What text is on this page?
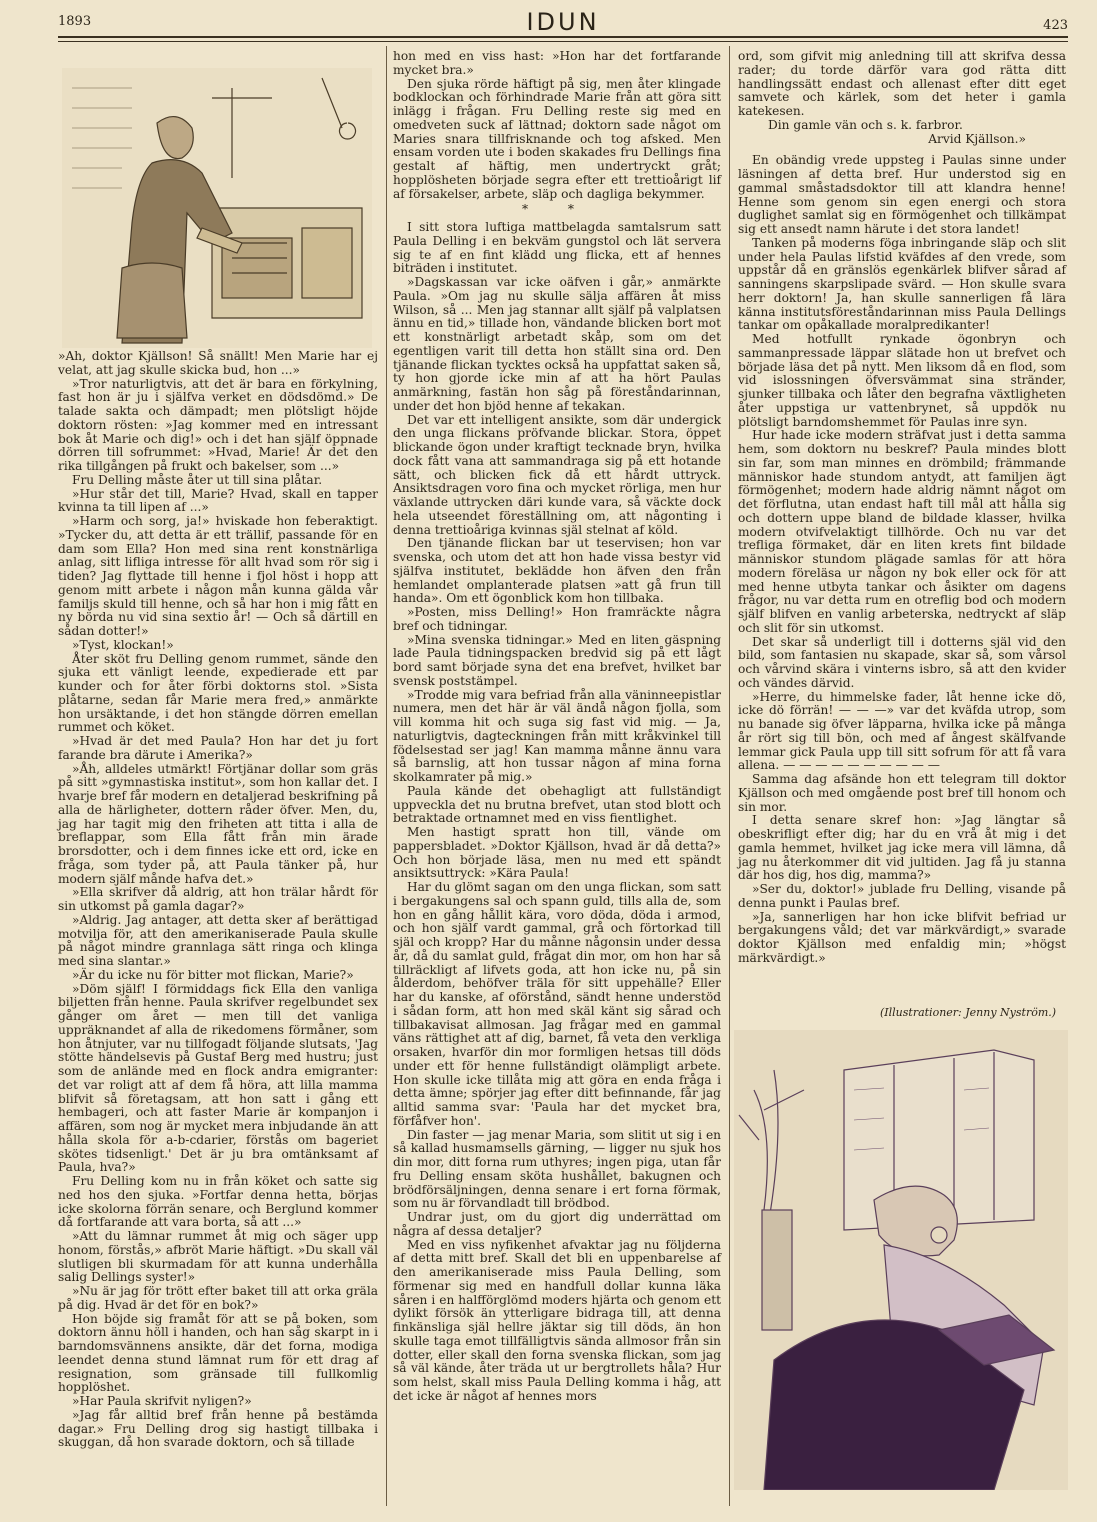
1893	IDUN	423

»Ah, doktor Kjällson! Så snällt! Men Marie har ej velat, att jag skulle skicka bud, hon ...»

»Tror naturligtvis, att det är bara en förkylning, fast hon är ju i själfva verket en dödsdömd.» De talade sakta och dämpadt; men plötsligt höjde doktorn rösten: »Jag kommer med en intressant bok åt Marie och dig!» och i det han själf öppnade dörren till sofrummet: »Hvad, Marie! Är det den rika tillgången på frukt och bakelser, som ...»

Fru Delling måste åter ut till sina plåtar.

»Hur står det till, Marie? Hvad, skall en tapper kvinna ta till lipen af ...»

»Harm och sorg, ja!» hviskade hon feberaktigt. »Tycker du, att detta är ett trällif, passande för en dam som Ella? Hon med sina rent konstnärliga anlag, sitt lifliga intresse för allt hvad som rör sig i tiden? Jag flyttade till henne i fjol höst i hopp att genom mitt arbete i någon mån kunna gälda vår familjs skuld till henne, och så har hon i mig fått en ny börda nu vid sina sextio år! — Och så därtill en sådan dotter!»

»Tyst, klockan!»

Åter sköt fru Delling genom rummet, sände den sjuka ett vänligt leende, expedierade ett par kunder och for åter förbi doktorns stol. »Sista plåtarne, sedan får Marie mera fred,» anmärkte hon ursäktande, i det hon stängde dörren emellan rummet och köket.

»Hvad är det med Paula? Hon har det ju fort farande bra därute i Amerika?»

»Åh, alldeles utmärkt! Förtjänar dollar som gräs på sitt »gymnastiska institut», som hon kallar det. I hvarje bref får modern en detaljerad beskrifning på alla de härligheter, dottern råder öfver. Men, du, jag har tagit mig den friheten att titta i alla de breflappar, som Ella fått från min ärade brorsdotter, och i dem finnes icke ett ord, icke en fråga, som tyder på, att Paula tänker på, hur modern själf månde hafva det.»

»Ella skrifver då aldrig, att hon trälar hårdt för sin utkomst på gamla dagar?»

»Aldrig. Jag antager, att detta sker af berättigad motvilja för, att den amerikaniserade Paula skulle på något mindre grannlaga sätt ringa och klinga med sina slantar.»

»Är du icke nu för bitter mot flickan, Marie?»

»Döm själf! I förmiddags fick Ella den vanliga biljetten från henne. Paula skrifver regelbundet sex gånger om året — men till det vanliga uppräknandet af alla de rikedomens förmåner, som hon åtnjuter, var nu tillfogadt följande slutsats, 'Jag stötte händelsevis på Gustaf Berg med hustru; just som de anlände med en flock andra emigranter: det var roligt att af dem få höra, att lilla mamma blifvit så företagsam, att hon satt i gång ett hembageri, och att faster Marie är kompanjon i affären, som nog är mycket mera inbjudande än att hålla skola för a-b-cdarier, förstås om bageriet skötes tidsenligt.' Det är ju bra omtänksamt af Paula, hva?»

Fru Delling kom nu in från köket och satte sig ned hos den sjuka. »Fortfar denna hetta, börjas icke skolorna förrän senare, och Berglund kommer då fortfarande att vara borta, så att ...»

»Att du lämnar rummet åt mig och säger upp honom, förstås,» afbröt Marie häftigt. »Du skall väl slutligen bli skurmadam för att kunna underhålla salig Dellings syster!»

»Nu är jag för trött efter baket till att orka gräla på dig. Hvad är det för en bok?»

Hon böjde sig framåt för att se på boken, som doktorn ännu höll i handen, och han såg skarpt in i barndomsvännens ansikte, där det forna, modiga leendet denna stund lämnat rum för ett drag af resignation, som gränsade till fullkomlig hopplöshet.

»Har Paula skrifvit nyligen?»

»Jag får alltid bref från henne på bestämda dagar.» Fru Delling drog sig hastigt tillbaka i skuggan, då hon svarade doktorn, och så tillade

hon med en viss hast: »Hon har det fortfarande mycket bra.»

Den sjuka rörde häftigt på sig, men åter klingade bodklockan och förhindrade Marie från att göra sitt inlägg i frågan. Fru Delling reste sig med en omedveten suck af lättnad; doktorn sade något om Maries snara tillfrisknande och tog afsked. Men ensam vorden ute i boden skakades fru Dellings fina gestalt af häftig, men undertryckt gråt; hopplösheten började segra efter ett trettioårigt lif af försakelser, arbete, släp och dagliga bekymmer.

* *

I sitt stora luftiga mattbelagda samtalsrum satt Paula Delling i en bekväm gungstol och lät servera sig te af en fint klädd ung flicka, ett af hennes biträden i institutet.

»Dagskassan var icke oäfven i går,» anmärkte Paula. »Om jag nu skulle sälja affären åt miss Wilson, så ... Men jag stannar allt själf på valplatsen ännu en tid,» tillade hon, vändande blicken bort mot ett konstnärligt arbetadt skåp, som om det egentligen varit till detta hon ställt sina ord. Den tjänande flickan tycktes också ha uppfattat saken så, ty hon gjorde icke min af att ha hört Paulas anmärkning, fastän hon såg på föreståndarinnan, under det hon bjöd henne af tekakan.

Det var ett intelligent ansikte, som där undergick den unga flickans pröfvande blickar. Stora, öppet blickande ögon under kraftigt tecknade bryn, hvilka dock fått vana att sammandraga sig på ett hotande sätt, och blicken fick då ett hårdt uttryck. Ansiktsdragen voro fina och mycket rörliga, men hur växlande uttrycken däri kunde vara, så väckte dock hela utseendet föreställning om, att någonting i denna trettioåriga kvinnas själ stelnat af köld.

Den tjänande flickan bar ut teservisen; hon var svenska, och utom det att hon hade vissa bestyr vid själfva institutet, beklädde hon äfven den från hemlandet omplanterade platsen »att gå frun till handa». Om ett ögonblick kom hon tillbaka.

»Posten, miss Delling!» Hon framräckte några bref och tidningar.

»Mina svenska tidningar.» Med en liten gäspning lade Paula tidningspacken bredvid sig på ett lågt bord samt började syna det ena brefvet, hvilket bar svensk poststämpel.

»Trodde mig vara befriad från alla väninneepistlar numera, men det här är väl ändå någon fjolla, som vill komma hit och suga sig fast vid mig. — Ja, naturligtvis, dagteckningen från mitt kråkvinkel till födelsestad ser jag! Kan mamma månne ännu vara så barnslig, att hon tussar någon af mina forna skolkamrater på mig.»

Paula kände det obehagligt att fullständigt uppveckla det nu brutna brefvet, utan stod blott och betraktade ortnamnet med en viss fientlighet.

Men hastigt spratt hon till, vände om pappersbladet. »Doktor Kjällson, hvad är då detta?» Och hon började läsa, men nu med ett spändt ansiktsuttryck: »Kära Paula!

Har du glömt sagan om den unga flickan, som satt i bergakungens sal och spann guld, tills alla de, som hon en gång hållit kära, voro döda, döda i armod, och hon själf vardt gammal, grå och förtorkad till själ och kropp? Har du månne någonsin under dessa år, då du samlat guld, frågat din mor, om hon har så tillräckligt af lifvets goda, att hon icke nu, på sin ålderdom, behöfver träla för sitt uppehälle? Eller har du kanske, af oförstånd, sändt henne understöd i sådan form, att hon med skäl känt sig sårad och tillbakavisat allmosan. Jag frågar med en gammal väns rättighet att af dig, barnet, få veta den verkliga orsaken, hvarför din mor formligen hetsas till döds under ett för henne fullständigt olämpligt arbete. Hon skulle icke tillåta mig att göra en enda fråga i detta ämne; spörjer jag efter ditt befinnande, får jag alltid samma svar: 'Paula har det mycket bra, förfåfver hon'.

Din faster — jag menar Maria, som slitit ut sig i en så kallad husmamsells gärning, — ligger nu sjuk hos din mor, ditt forna rum uthyres; ingen piga, utan får fru Delling ensam sköta hushållet, bakugnen och brödförsäljningen, denna senare i ert forna förmak, som nu är förvandladt till brödbod.

Undrar just, om du gjort dig underrättad om några af dessa detaljer?

Med en viss nyfikenhet afvaktar jag nu följderna af detta mitt bref. Skall det bli en uppenbarelse af den amerikaniserade miss Paula Delling, som förmenar sig med en handfull dollar kunna läka såren i en halfförglömd moders hjärta och genom ett dylikt försök än ytterligare bidraga till, att denna finkänsliga själ hellre jäktar sig till döds, än hon skulle taga emot tillfälligtvis sända allmosor från sin dotter, eller skall den forna svenska flickan, som jag så väl kände, åter träda ut ur bergtrollets håla? Hur som helst, skall miss Paula Delling komma i håg, att det icke är något af hennes mors

ord, som gifvit mig anledning till att skrifva dessa rader; du torde därför vara god rätta ditt handlingssätt endast och allenast efter ditt eget samvete och kärlek, som det heter i gamla katekesen.

Din gamle vän och s. k. farbror.

Arvid Kjällson.»

En obändig vrede uppsteg i Paulas sinne under läsningen af detta bref. Hur understod sig en gammal småstadsdoktor till att klandra henne! Henne som genom sin egen energi och stora duglighet samlat sig en förmögenhet och tillkämpat sig ett ansedt namn härute i det stora landet!

Tanken på moderns föga inbringande släp och slit under hela Paulas lifstid kväfdes af den vrede, som uppstår då en gränslös egenkärlek blifver sårad af sanningens skarpslipade svärd. — Hon skulle svara herr doktorn! Ja, han skulle sannerligen få lära känna institutsföreståndarinnan miss Paula Dellings tankar om opåkallade moralpredikanter!

Med hotfullt rynkade ögonbryn och sammanpressade läppar slätade hon ut brefvet och började läsa det på nytt. Men liksom då en flod, som vid islossningen öfversvämmat sina stränder, sjunker tillbaka och låter den begrafna växtligheten åter uppstiga ur vattenbrynet, så uppdök nu plötsligt barndomshemmet för Paulas inre syn.

Hur hade icke modern sträfvat just i detta samma hem, som doktorn nu beskref? Paula mindes blott sin far, som man minnes en drömbild; främmande människor hade stundom antydt, att familjen ägt förmögenhet; modern hade aldrig nämnt något om det förflutna, utan endast haft till mål att hålla sig och dottern uppe bland de bildade klasser, hvilka modern otvifvelaktigt tillhörde. Och nu var det trefliga förmaket, där en liten krets fint bildade människor stundom plägade samlas för att höra modern föreläsa ur någon ny bok eller ock för att med henne utbyta tankar och åsikter om dagens frågor, nu var detta rum en otreflig bod och modern själf blifven en vanlig arbeterska, nedtryckt af släp och slit för sin utkomst.

Det skar så underligt till i dotterns själ vid den bild, som fantasien nu skapade, skar så, som vårsol och vårvind skära i vinterns isbro, så att den kvider och vändes därvid.

»Herre, du himmelske fader, låt henne icke dö, icke dö förrän! — — —» var det kväfda utrop, som nu banade sig öfver läpparna, hvilka icke på många år rört sig till bön, och med af ångest skälfvande lemmar gick Paula upp till sitt sofrum för att få vara allena. — — — — — — — — — —

Samma dag afsände hon ett telegram till doktor Kjällson och med omgående post bref till honom och sin mor.

I detta senare skref hon: »Jag längtar så obeskrifligt efter dig; har du en vrå åt mig i det gamla hemmet, hvilket jag icke mera vill lämna, då jag nu återkommer dit vid jultiden. Jag få ju stanna där hos dig, hos dig, mamma?»

»Ser du, doktor!» jublade fru Delling, visande på denna punkt i Paulas bref.

»Ja, sannerligen har hon icke blifvit befriad ur bergakungens våld; det var märkvärdigt,» svarade doktor Kjällson med enfaldig min; »högst märkvärdigt.»

(Illustrationer: Jenny Nyström.)
